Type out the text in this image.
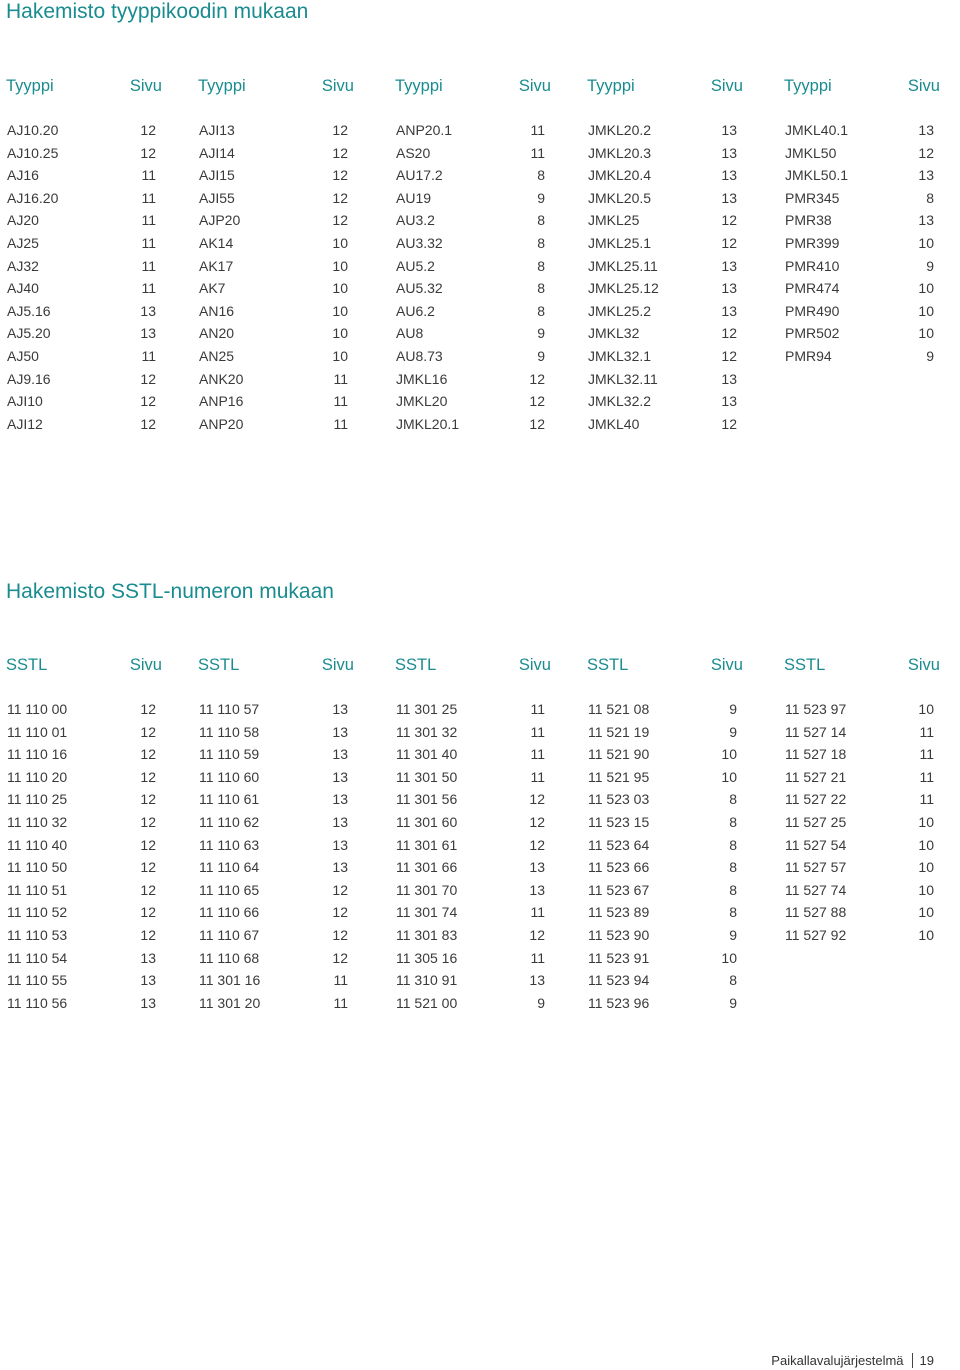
Hakemisto tyyppikoodin mukaan
Tyyppi	Sivu
AJ10.20	12
AJ10.25	12
AJ16	11
AJ16.20	11
AJ20	11
AJ25	11
AJ32	11
AJ40	11
AJ5.16	13
AJ5.20	13
AJ50	11
AJ9.16	12
AJI10	12
AJI12	12
Tyyppi	Sivu
AJI13	12
AJI14	12
AJI15	12
AJI55	12
AJP20	12
AK14	10
AK17	10
AK7	10
AN16	10
AN20	10
AN25	10
ANK20	11
ANP16	11
ANP20	11
Tyyppi	Sivu
ANP20.1	11
AS20	11
AU17.2	8
AU19	9
AU3.2	8
AU3.32	8
AU5.2	8
AU5.32	8
AU6.2	8
AU8	9
AU8.73	9
JMKL16	12
JMKL20	12
JMKL20.1	12
Tyyppi	Sivu
JMKL20.2	13
JMKL20.3	13
JMKL20.4	13
JMKL20.5	13
JMKL25	12
JMKL25.1	12
JMKL25.11	13
JMKL25.12	13
JMKL25.2	13
JMKL32	12
JMKL32.1	12
JMKL32.11	13
JMKL32.2	13
JMKL40	12
Tyyppi	Sivu
JMKL40.1	13
JMKL50	12
JMKL50.1	13
PMR345	8
PMR38	13
PMR399	10
PMR410	9
PMR474	10
PMR490	10
PMR502	10
PMR94	9
Hakemisto SSTL-numeron mukaan
SSTL	Sivu
11 110 00	12
11 110 01	12
11 110 16	12
11 110 20	12
11 110 25	12
11 110 32	12
11 110 40	12
11 110 50	12
11 110 51	12
11 110 52	12
11 110 53	12
11 110 54	13
11 110 55	13
11 110 56	13
SSTL	Sivu
11 110 57	13
11 110 58	13
11 110 59	13
11 110 60	13
11 110 61	13
11 110 62	13
11 110 63	13
11 110 64	13
11 110 65	12
11 110 66	12
11 110 67	12
11 110 68	12
11 301 16	11
11 301 20	11
SSTL	Sivu
11 301 25	11
11 301 32	11
11 301 40	11
11 301 50	11
11 301 56	12
11 301 60	12
11 301 61	12
11 301 66	13
11 301 70	13
11 301 74	11
11 301 83	12
11 305 16	11
11 310 91	13
11 521 00	9
SSTL	Sivu
11 521 08	9
11 521 19	9
11 521 90	10
11 521 95	10
11 523 03	8
11 523 15	8
11 523 64	8
11 523 66	8
11 523 67	8
11 523 89	8
11 523 90	9
11 523 91	10
11 523 94	8
11 523 96	9
SSTL	Sivu
11 523 97	10
11 527 14	11
11 527 18	11
11 527 21	11
11 527 22	11
11 527 25	10
11 527 54	10
11 527 57	10
11 527 74	10
11 527 88	10
11 527 92	10
Paikallavalujärjestelmä 19
